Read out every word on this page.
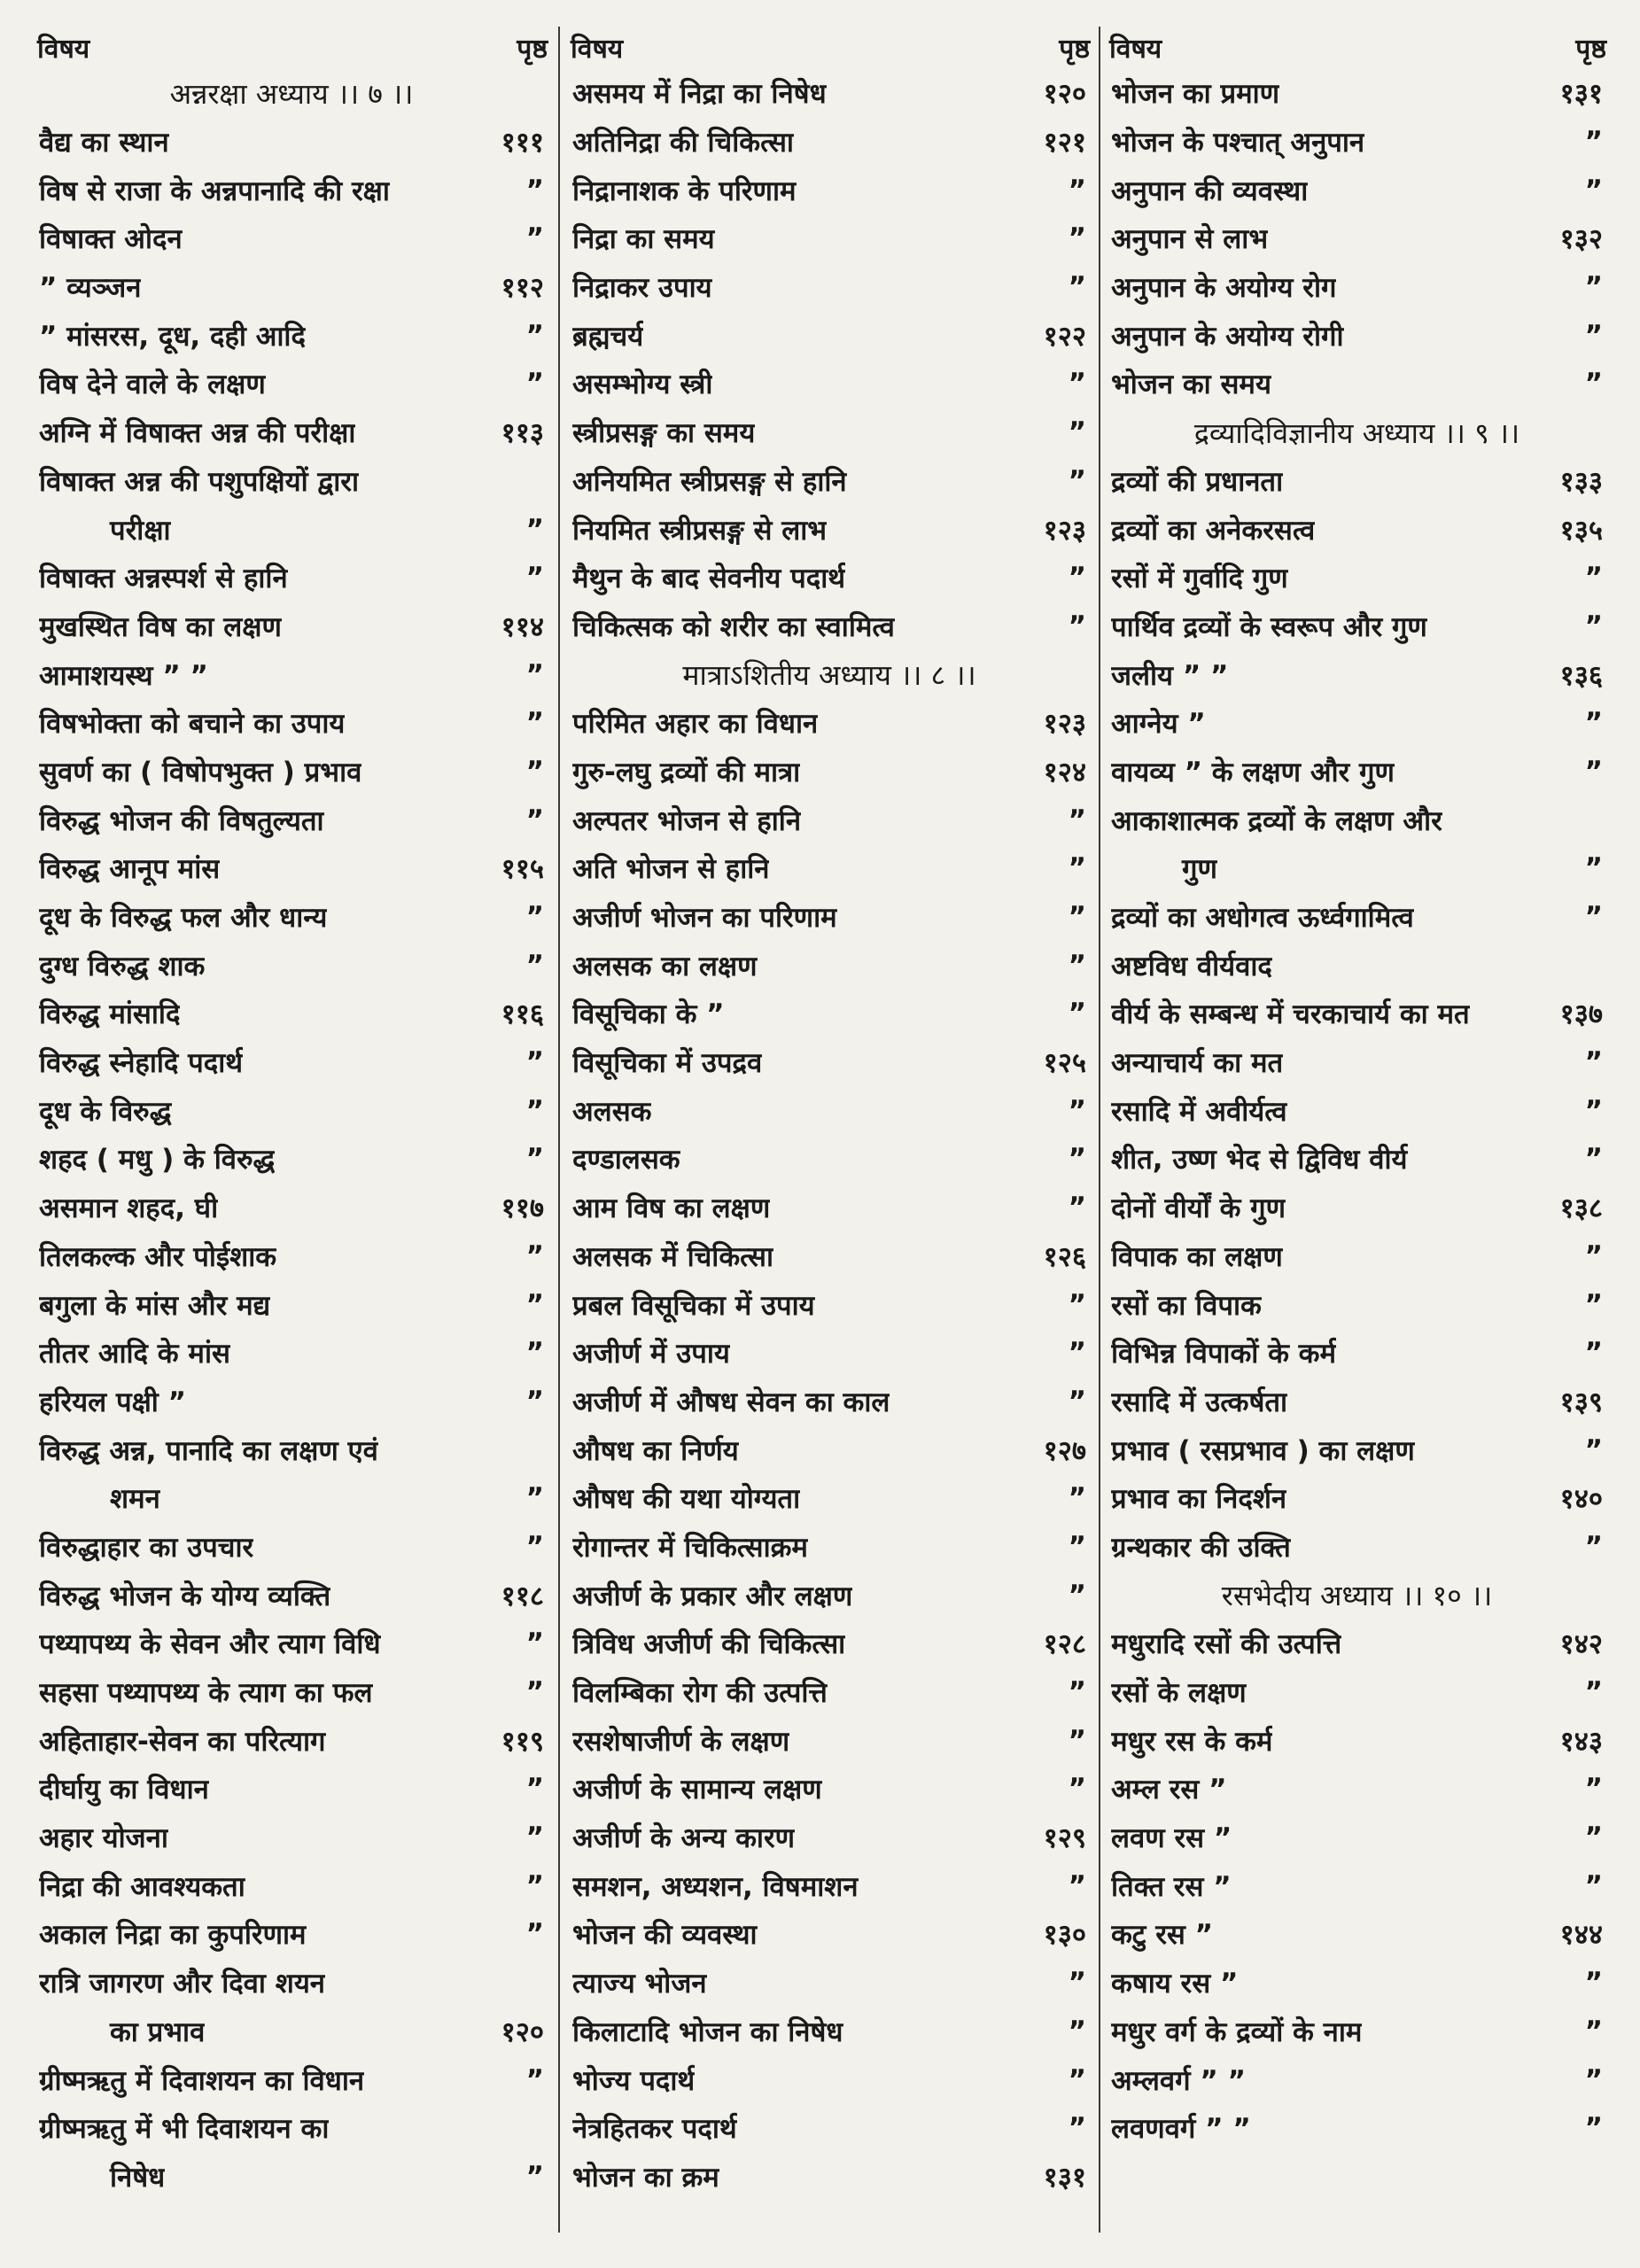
विषय	पृष्ठ
अन्नरक्षा अध्याय ।। ७ ।।
वैद्य का स्थान	१११
विष से राजा के अन्नपानादि की रक्षा	”
विषाक्त ओदन	”
” व्यञ्जन	११२
” मांसरस, दूध, दही आदि	”
विष देने वाले के लक्षण	”
अग्नि में विषाक्त अन्न की परीक्षा	११३
विषाक्त अन्न की पशुपक्षियों द्वारा
परीक्षा	”
विषाक्त अन्नस्पर्श से हानि	”
मुखस्थित विष का लक्षण	११४
आमाशयस्थ ” ”	”
विषभोक्ता को बचाने का उपाय	”
सुवर्ण का ( विषोपभुक्त ) प्रभाव	”
विरुद्ध भोजन की विषतुल्यता	”
विरुद्ध आनूप मांस	११५
दूध के विरुद्ध फल और धान्य	”
दुग्ध विरुद्ध शाक	”
विरुद्ध मांसादि	११६
विरुद्ध स्नेहादि पदार्थ	”
दूध के विरुद्ध	”
शहद ( मधु ) के विरुद्ध	”
असमान शहद, घी	११७
तिलकल्क और पोईशाक	”
बगुला के मांस और मद्य	”
तीतर आदि के मांस	”
हरियल पक्षी ”	”
विरुद्ध अन्न, पानादि का लक्षण एवं
शमन	”
विरुद्धाहार का उपचार	”
विरुद्ध भोजन के योग्य व्यक्ति	११८
पथ्यापथ्य के सेवन और त्याग विधि	”
सहसा पथ्यापथ्य के त्याग का फल	”
अहिताहार-सेवन का परित्याग	११९
दीर्घायु का विधान	”
अहार योजना	”
निद्रा की आवश्यकता	”
अकाल निद्रा का कुपरिणाम	”
रात्रि जागरण और दिवा शयन
का प्रभाव	१२०
ग्रीष्मऋतु में दिवाशयन का विधान	”
ग्रीष्मऋतु में भी दिवाशयन का
निषेध	”
विषय	पृष्ठ
असमय में निद्रा का निषेध	१२०
अतिनिद्रा की चिकित्सा	१२१
निद्रानाशक के परिणाम	”
निद्रा का समय	”
निद्राकर उपाय	”
ब्रह्मचर्य	१२२
असम्भोग्य स्त्री	”
स्त्रीप्रसङ्ग का समय	”
अनियमित स्त्रीप्रसङ्ग से हानि	”
नियमित स्त्रीप्रसङ्ग से लाभ	१२३
मैथुन के बाद सेवनीय पदार्थ	”
चिकित्सक को शरीर का स्वामित्व	”
मात्राऽशितीय अध्याय ।। ८ ।।
परिमित अहार का विधान	१२३
गुरु-लघु द्रव्यों की मात्रा	१२४
अल्पतर भोजन से हानि	”
अति भोजन से हानि	”
अजीर्ण भोजन का परिणाम	”
अलसक का लक्षण	”
विसूचिका के ”	”
विसूचिका में उपद्रव	१२५
अलसक	”
दण्डालसक	”
आम विष का लक्षण	”
अलसक में चिकित्सा	१२६
प्रबल विसूचिका में उपाय	”
अजीर्ण में उपाय	”
अजीर्ण में औषध सेवन का काल	”
औषध का निर्णय	१२७
औषध की यथा योग्यता	”
रोगान्तर में चिकित्साक्रम	”
अजीर्ण के प्रकार और लक्षण	”
त्रिविध अजीर्ण की चिकित्सा	१२८
विलम्बिका रोग की उत्पत्ति	”
रसशेषाजीर्ण के लक्षण	”
अजीर्ण के सामान्य लक्षण	”
अजीर्ण के अन्य कारण	१२९
समशन, अध्यशन, विषमाशन	”
भोजन की व्यवस्था	१३०
त्याज्य भोजन	”
किलाटादि भोजन का निषेध	”
भोज्य पदार्थ	”
नेत्रहितकर पदार्थ	”
भोजन का क्रम	१३१
विषय	पृष्ठ
भोजन का प्रमाण	१३१
भोजन के पश्चात् अनुपान	”
अनुपान की व्यवस्था	”
अनुपान से लाभ	१३२
अनुपान के अयोग्य रोग	”
अनुपान के अयोग्य रोगी	”
भोजन का समय	”
द्रव्यादिविज्ञानीय अध्याय ।। ९ ।।
द्रव्यों की प्रधानता	१३३
द्रव्यों का अनेकरसत्व	१३५
रसों में गुर्वादि गुण	”
पार्थिव द्रव्यों के स्वरूप और गुण	”
जलीय ” ”	१३६
आग्नेय ”	”
वायव्य ” के लक्षण और गुण	”
आकाशात्मक द्रव्यों के लक्षण और
गुण	”
द्रव्यों का अधोगत्व ऊर्ध्वगामित्व	”
अष्टविध वीर्यवाद
वीर्य के सम्बन्ध में चरकाचार्य का मत	१३७
अन्याचार्य का मत	”
रसादि में अवीर्यत्व	”
शीत, उष्ण भेद से द्विविध वीर्य	”
दोनों वीर्यों के गुण	१३८
विपाक का लक्षण	”
रसों का विपाक	”
विभिन्न विपाकों के कर्म	”
रसादि में उत्कर्षता	१३९
प्रभाव ( रसप्रभाव ) का लक्षण	”
प्रभाव का निदर्शन	१४०
ग्रन्थकार की उक्ति	”
रसभेदीय अध्याय ।। १० ।।
मधुरादि रसों की उत्पत्ति	१४२
रसों के लक्षण	”
मधुर रस के कर्म	१४३
अम्ल रस ”	”
लवण रस ”	”
तिक्त रस ”	”
कटु रस ”	१४४
कषाय रस ”	”
मधुर वर्ग के द्रव्यों के नाम	”
अम्लवर्ग ” ”	”
लवणवर्ग ” ”	”
